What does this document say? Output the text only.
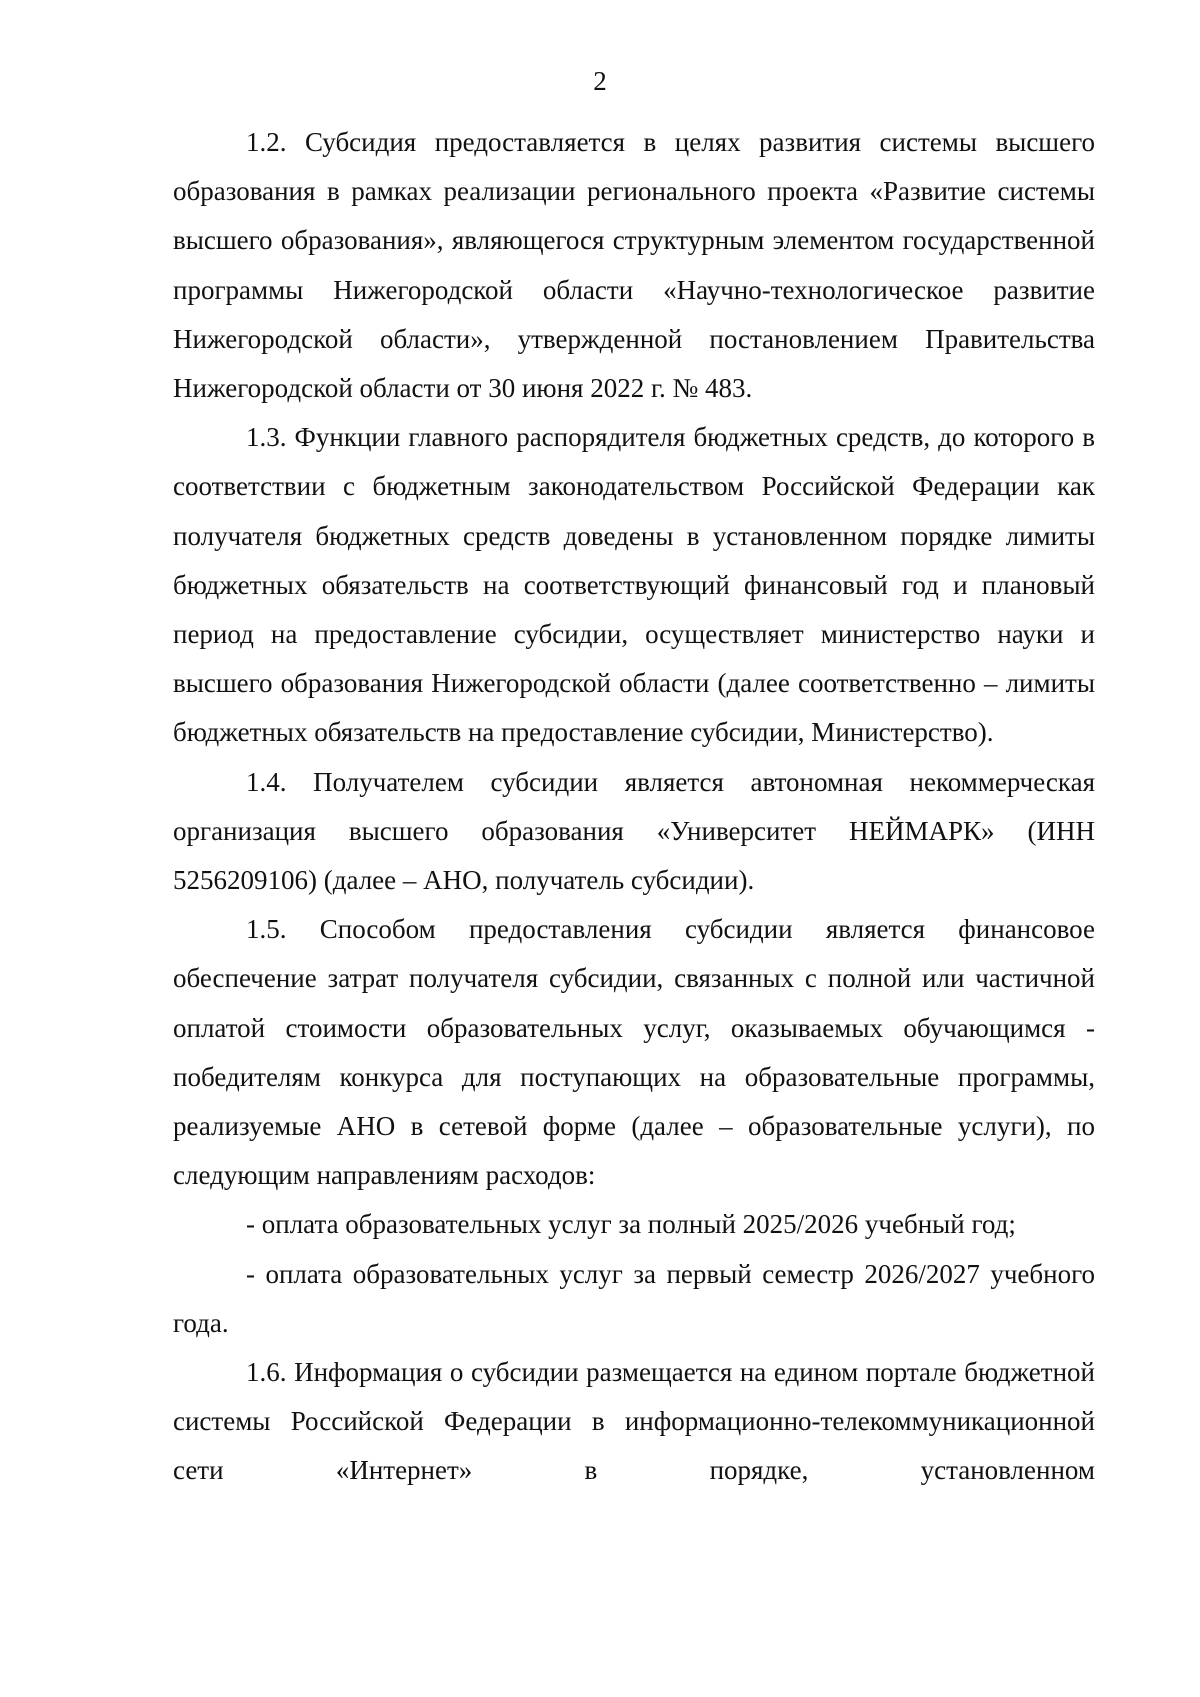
2

1.2. Субсидия предоставляется в целях развития системы высшего образования в рамках реализации регионального проекта «Развитие системы высшего образования», являющегося структурным элементом государственной программы Нижегородской области «Научно-технологическое развитие Нижегородской области», утвержденной постановлением Правительства Нижегородской области от 30 июня 2022 г. № 483.

1.3. Функции главного распорядителя бюджетных средств, до которого в соответствии с бюджетным законодательством Российской Федерации как получателя бюджетных средств доведены в установленном порядке лимиты бюджетных обязательств на соответствующий финансовый год и плановый период на предоставление субсидии, осуществляет министерство науки и высшего образования Нижегородской области (далее соответственно – лимиты бюджетных обязательств на предоставление субсидии, Министерство).

1.4. Получателем субсидии является автономная некоммерческая организация высшего образования «Университет НЕЙМАРК» (ИНН 5256209106) (далее – АНО, получатель субсидии).

1.5. Способом предоставления субсидии является финансовое обеспечение затрат получателя субсидии, связанных с полной или частичной оплатой стоимости образовательных услуг, оказываемых обучающимся - победителям конкурса для поступающих на образовательные программы, реализуемые АНО в сетевой форме (далее – образовательные услуги), по следующим направлениям расходов:

- оплата образовательных услуг за полный 2025/2026 учебный год;

- оплата образовательных услуг за первый семестр 2026/2027 учебного года.

1.6. Информация о субсидии размещается на едином портале бюджетной системы Российской Федерации в информационно-телекоммуникационной сети «Интернет» в порядке, установленном
